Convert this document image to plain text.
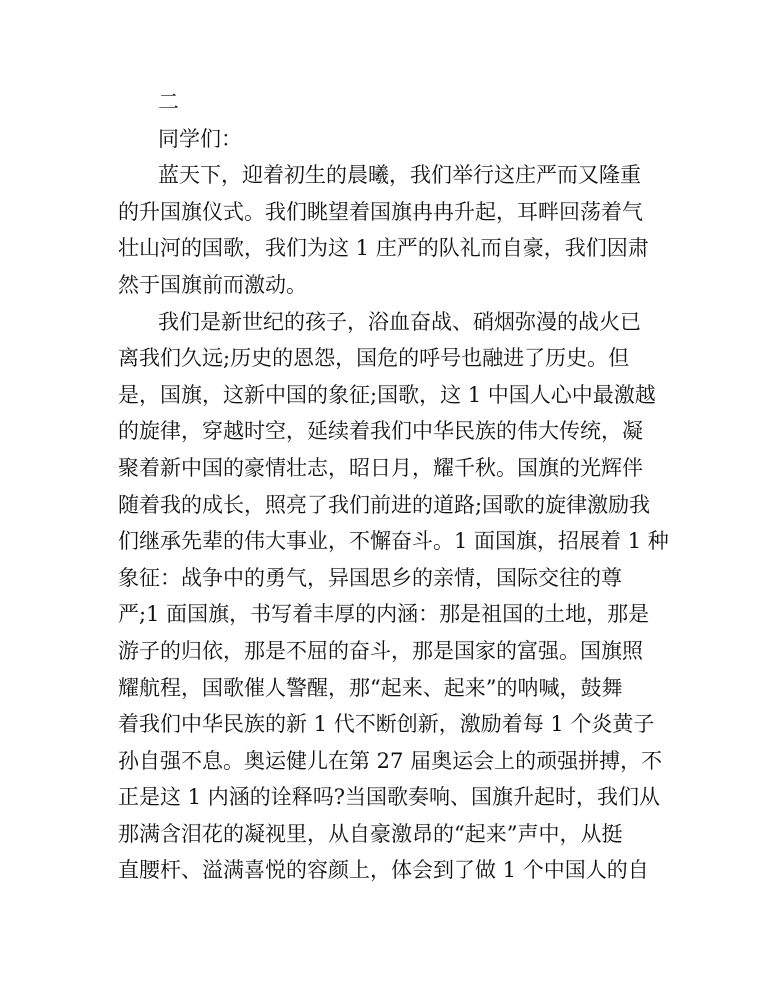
二
同学们：
蓝天下，迎着初生的晨曦，我们举行这庄严而又隆重
的升国旗仪式。我们眺望着国旗冉冉升起，耳畔回荡着气
壮山河的国歌，我们为这 1 庄严的队礼而自豪，我们因肃
然于国旗前而激动。
我们是新世纪的孩子，浴血奋战、硝烟弥漫的战火已
离我们久远;历史的恩怨，国危的呼号也融进了历史。但
是，国旗，这新中国的象征;国歌，这 1 中国人心中最激越
的旋律，穿越时空，延续着我们中华民族的伟大传统，凝
聚着新中国的豪情壮志，昭日月，耀千秋。国旗的光辉伴
随着我的成长，照亮了我们前进的道路;国歌的旋律激励我
们继承先辈的伟大事业，不懈奋斗。1 面国旗，招展着 1 种
象征：战争中的勇气，异国思乡的亲情，国际交往的尊
严;1 面国旗，书写着丰厚的内涵：那是祖国的土地，那是
游子的归依，那是不屈的奋斗，那是国家的富强。国旗照
耀航程，国歌催人警醒，那“起来、起来”的呐喊，鼓舞
着我们中华民族的新 1 代不断创新，激励着每 1 个炎黄子
孙自强不息。奥运健儿在第 27 届奥运会上的顽强拼搏，不
正是这 1 内涵的诠释吗?当国歌奏响、国旗升起时，我们从
那满含泪花的凝视里，从自豪激昂的“起来”声中，从挺
直腰杆、溢满喜悦的容颜上，体会到了做 1 个中国人的自
